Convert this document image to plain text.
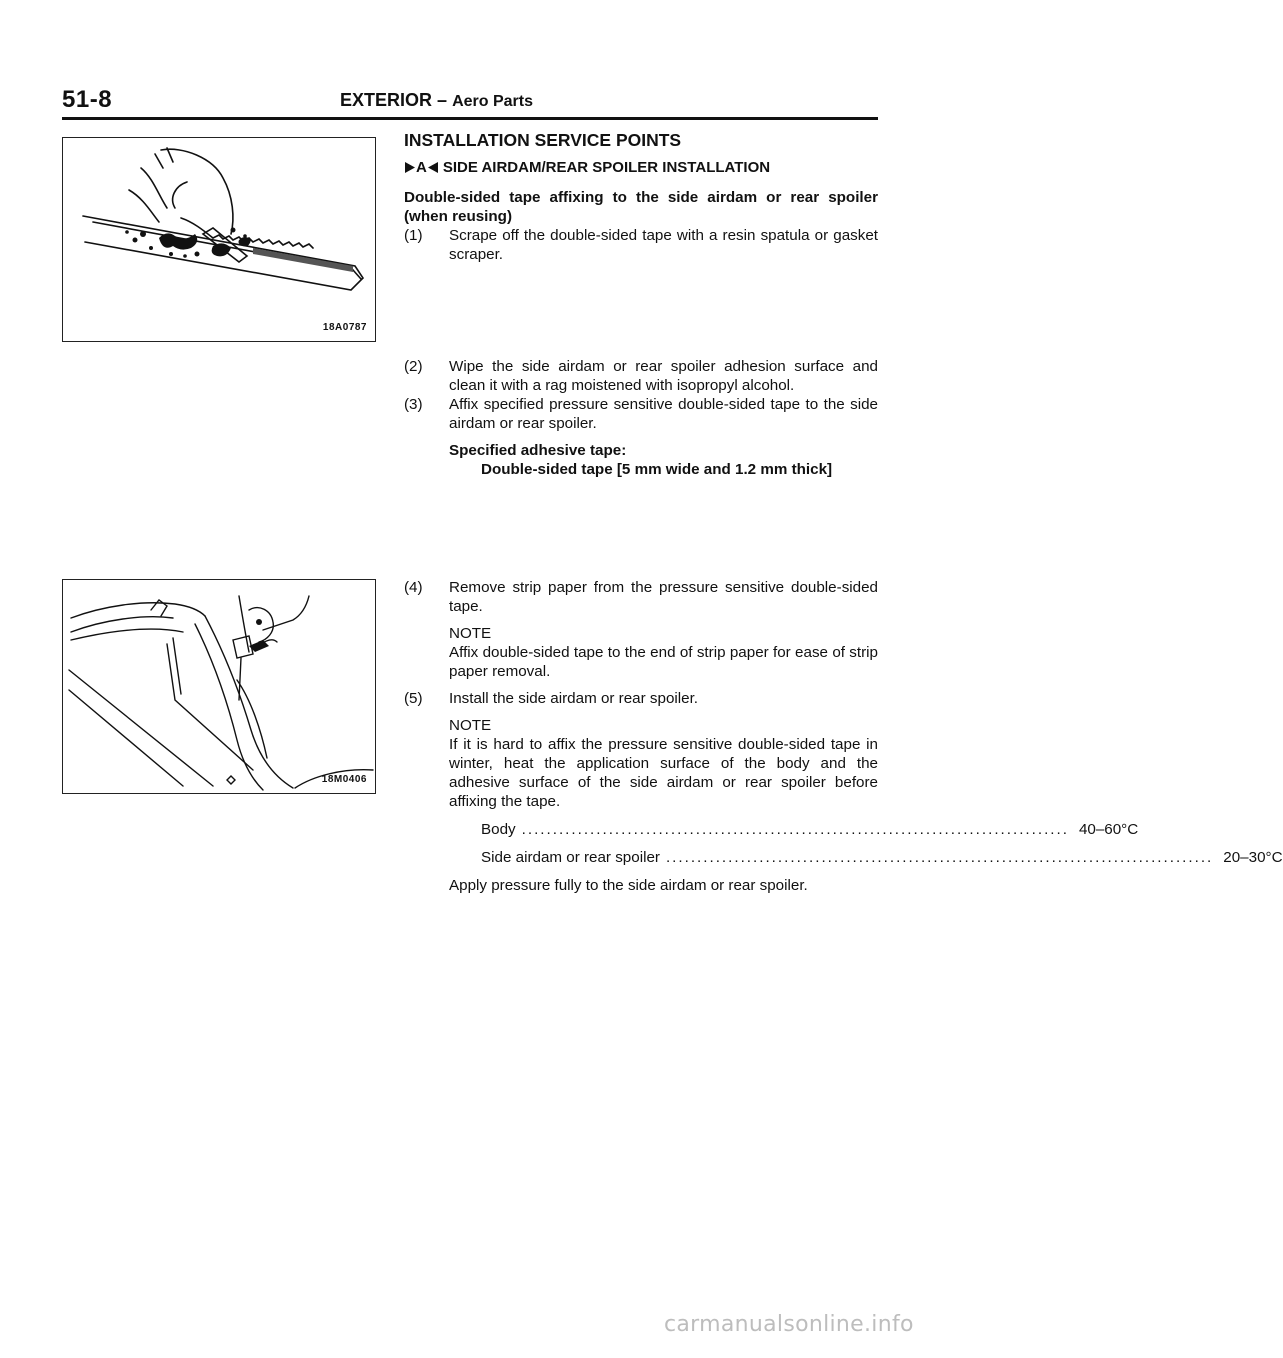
51-8	EXTERIOR – Aero Parts
18A0787
18M0406
INSTALLATION SERVICE POINTS
A SIDE AIRDAM/REAR SPOILER INSTALLATION

Double-sided tape affixing to the side airdam or rear spoiler (when reusing)

(1)	Scrape off the double-sided tape with a resin spatula or gasket scraper.
(2)	Wipe the side airdam or rear spoiler adhesion surface and clean it with a rag moistened with isopropyl alcohol.
(3)	Affix specified pressure sensitive double-sided tape to the side airdam or rear spoiler.

Specified adhesive tape:

Double-sided tape [5 mm wide and 1.2 mm thick]

(4)	Remove strip paper from the pressure sensitive double-sided tape.

NOTE

Affix double-sided tape to the end of strip paper for ease of strip paper removal.

(5)	Install the side airdam or rear spoiler.

NOTE

If it is hard to affix the pressure sensitive double-sided tape in winter, heat the application surface of the body and the adhesive surface of the side airdam or rear spoiler before affixing the tape.

Body ........................................................................................ 40–60°C
Side airdam or rear spoiler ........................................................................................ 20–30°C

Apply pressure fully to the side airdam or rear spoiler.

carmanualsonline.info
